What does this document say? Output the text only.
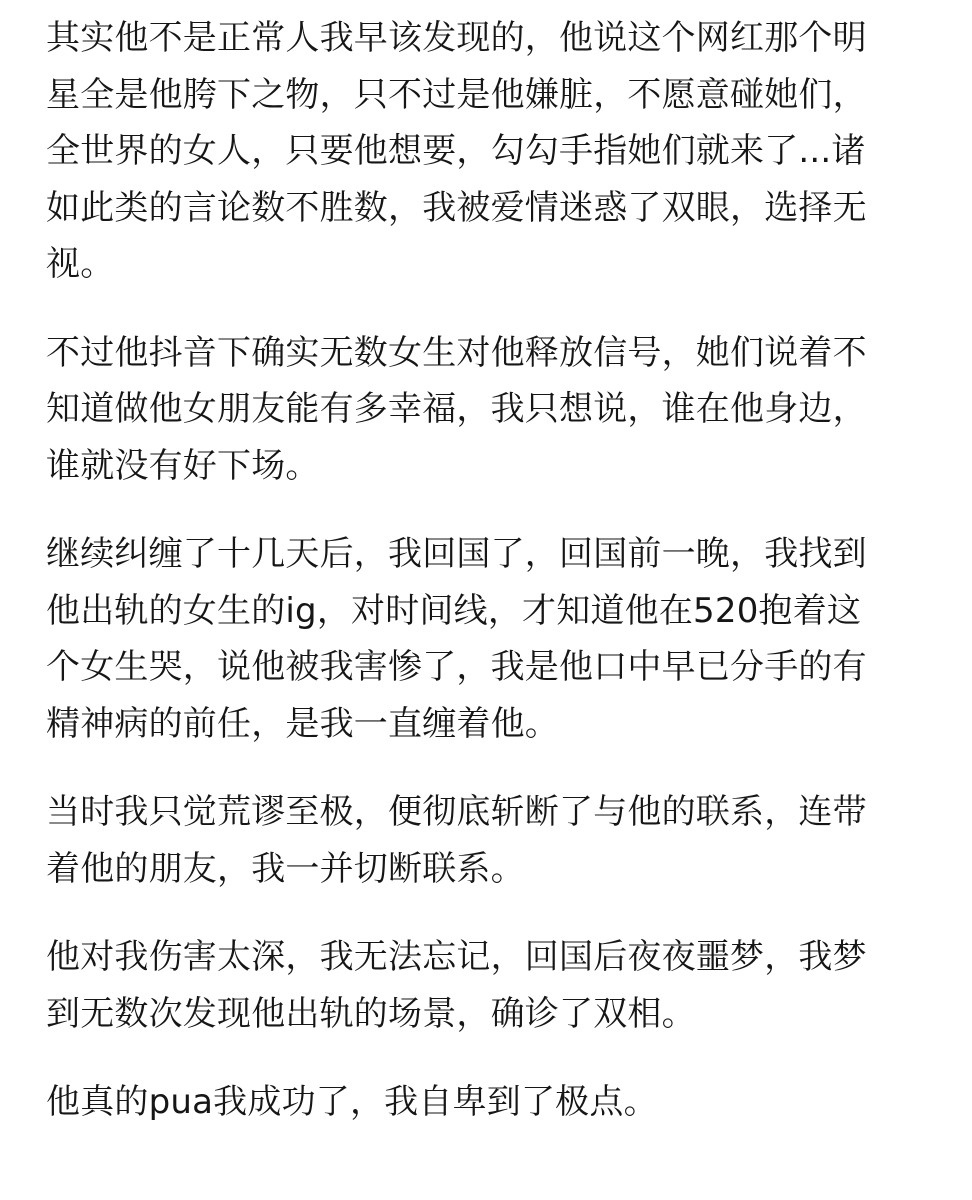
其实他不是正常人我早该发现的，他说这个网红那个明
星全是他胯下之物，只不过是他嫌脏，不愿意碰她们，
全世界的女人，只要他想要，勾勾手指她们就来了...诸
如此类的言论数不胜数，我被爱情迷惑了双眼，选择无
视。
不过他抖音下确实无数女生对他释放信号，她们说着不
知道做他女朋友能有多幸福，我只想说，谁在他身边，
谁就没有好下场。
继续纠缠了十几天后，我回国了，回国前一晚，我找到
他出轨的女生的ig，对时间线，才知道他在520抱着这
个女生哭，说他被我害惨了，我是他口中早已分手的有
精神病的前任，是我一直缠着他。
当时我只觉荒谬至极，便彻底斩断了与他的联系，连带
着他的朋友，我一并切断联系。
他对我伤害太深，我无法忘记，回国后夜夜噩梦，我梦
到无数次发现他出轨的场景，确诊了双相。
他真的pua我成功了，我自卑到了极点。
